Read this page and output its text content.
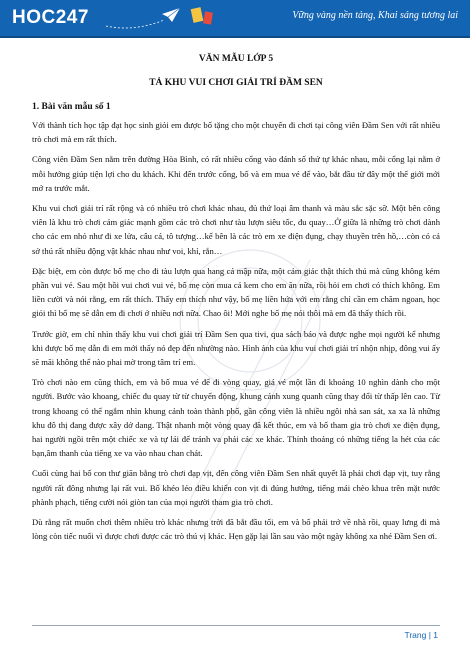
HOC247	Vững vàng nền tảng, Khai sáng tương lai
VĂN MẪU LỚP 5
TẢ KHU VUI CHƠI GIẢI TRÍ ĐẦM SEN
1. Bài văn mẫu số 1

Với thành tích học tập đạt học sinh giỏi em được bố tặng cho một chuyến đi chơi tại công viên Đầm Sen với rất nhiều trò chơi mà em rất thích.

Công viên Đầm Sen nằm trên đường Hòa Bình, có rất nhiều cổng vào đánh số thứ tự khác nhau, mỗi cổng lại nằm ở mỗi hướng giúp tiện lợi cho du khách. Khi đến trước cổng, bố và em mua vé để vào, bắt đầu từ đây một thế giới mới mở ra trước mắt.

Khu vui chơi giải trí rất rộng và có nhiều trò chơi khác nhau, đủ thứ loại âm thanh và màu sắc sặc sỡ. Một bên công viên là khu trò chơi cảm giác mạnh gồm các trò chơi như tàu lượn siêu tốc, đu quay…Ở giữa là những trò chơi dành cho các em nhỏ như đi xe lửa, câu cá, tô tượng…kế bên là các trò em xe điện đụng, chạy thuyền trên hồ,…còn có cả sở thú rất nhiều động vật khác nhau như voi, khỉ, rắn…

Đặc biệt, em còn được bố mẹ cho đi tàu lượn qua hang cá mập nữa, một cảm giác thật thích thú mà cũng không kém phần vui vẻ. Sau một hồi vui chơi vui vẻ, bố mẹ còn mua cả kem cho em ăn nữa, rồi hỏi em chơi có thích không. Em liền cười và nói rằng, em rất thích. Thấy em thích như vậy, bố mẹ liền hứa với em rằng chỉ cần em chăm ngoan, học giỏi thì bố mẹ sẽ dẫn em đi chơi ở nhiều nơi nữa. Chao ôi! Mới nghe bố mẹ nói thôi mà em đã thấy thích rồi.

Trước giờ, em chỉ nhìn thấy khu vui chơi giải trí Đầm Sen qua tivi, qua sách báo và được nghe mọi người kể nhưng khi được bố mẹ dẫn đi em mới thấy nó đẹp đến nhường nào. Hình ảnh của khu vui chơi giải trí nhộn nhịp, đông vui ấy sẽ mãi không thể nào phai mờ trong tâm trí em.

Trò chơi nào em cũng thích, em và bố mua vé để đi vòng quay, giá vé một lần đi khoảng 10 nghìn dành cho một người. Bước vào khoang, chiếc đu quay từ từ chuyển động, khung cảnh xung quanh cũng thay đổi từ thấp lên cao. Từ trong khoang có thể ngắm nhìn khung cảnh toàn thành phố, gần công viên là nhiều ngôi nhà san sát, xa xa là những khu đô thị đang được xây dở dang. Thật nhanh một vòng quay đã kết thúc, em và bố tham gia trò chơi xe điện đụng, hai người ngồi trên một chiếc xe và tự lái để tránh va phải các xe khác. Thỉnh thoảng có những tiếng la hét của các bạn,âm thanh của tiếng xe va vào nhau chan chát.

Cuối cùng hai bố con thư giãn bằng trò chơi đạp vịt, đến công viên Đầm Sen nhất quyết là phải chơi đạp vịt, tuy rằng người rất đông nhưng lại rất vui. Bố khéo léo điều khiển con vịt đi đúng hướng, tiếng mái chèo khua trên mặt nước phành phạch, tiếng cười nói giòn tan của mọi người tham gia trò chơi.

Dù rằng rất muốn chơi thêm nhiều trò khác nhưng trời đã bắt đầu tối, em và bố phải trở về nhà rồi, quay lưng đi mà lòng còn tiếc nuối vì được chơi được các trò thú vị khác. Hẹn gặp lại lần sau vào một ngày không xa nhé Đầm Sen ơi.

Trang | 1
